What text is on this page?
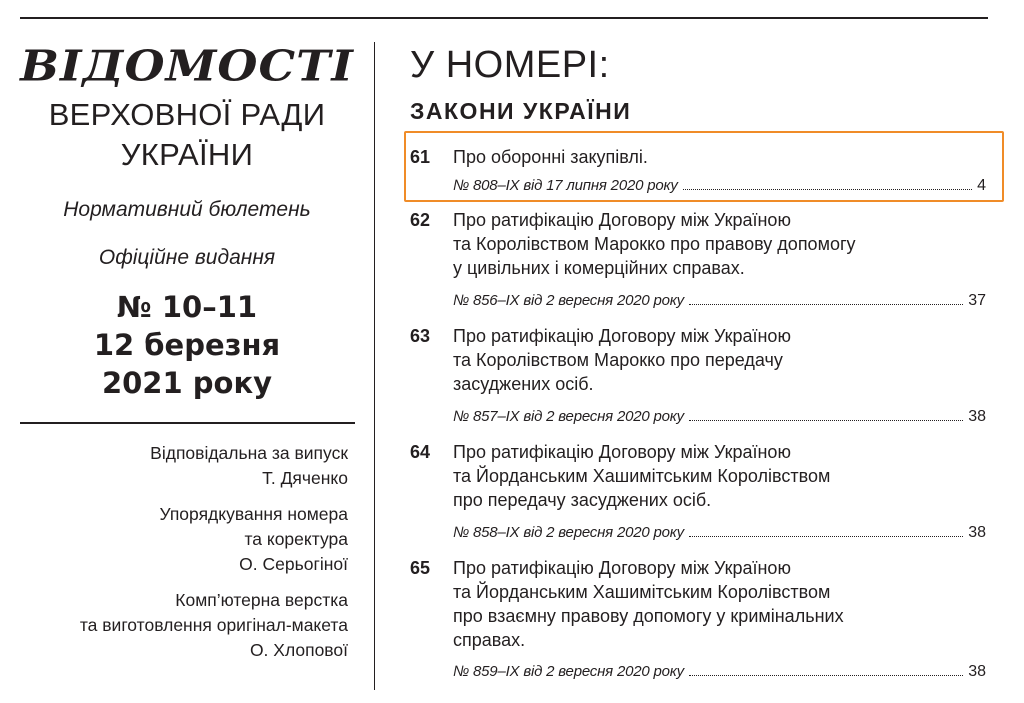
ВІДОМОСТІ
ВЕРХОВНОЇ РАДИ
УКРАЇНИ
Нормативний бюлетень
Офіційне видання
№ 10–11
12 березня
2021 року
Відповідальна за випуск
Т. Дяченко
Упорядкування номера
та коректура
О. Серьогіної
Комп’ютерна верстка
та виготовлення оригінал-макета
О. Хлопової
У НОМЕРІ:
ЗАКОНИ УКРАЇНИ
61 Про оборонні закупівлі.
№ 808–IX від 17 липня 2020 року	4
62 Про ратифікацію Договору між Україною
та Королівством Марокко про правову допомогу
у цивільних і комерційних справах.
№ 856–IX від 2 вересня 2020 року	37
63 Про ратифікацію Договору між Україною
та Королівством Марокко про передачу
засуджених осіб.
№ 857–IX від 2 вересня 2020 року	38
64 Про ратифікацію Договору між Україною
та Йорданським Хашимітським Королівством
про передачу засуджених осіб.
№ 858–IX від 2 вересня 2020 року	38
65 Про ратифікацію Договору між Україною
та Йорданським Хашимітським Королівством
про взаємну правову допомогу у кримінальних
справах.
№ 859–IX від 2 вересня 2020 року	38
